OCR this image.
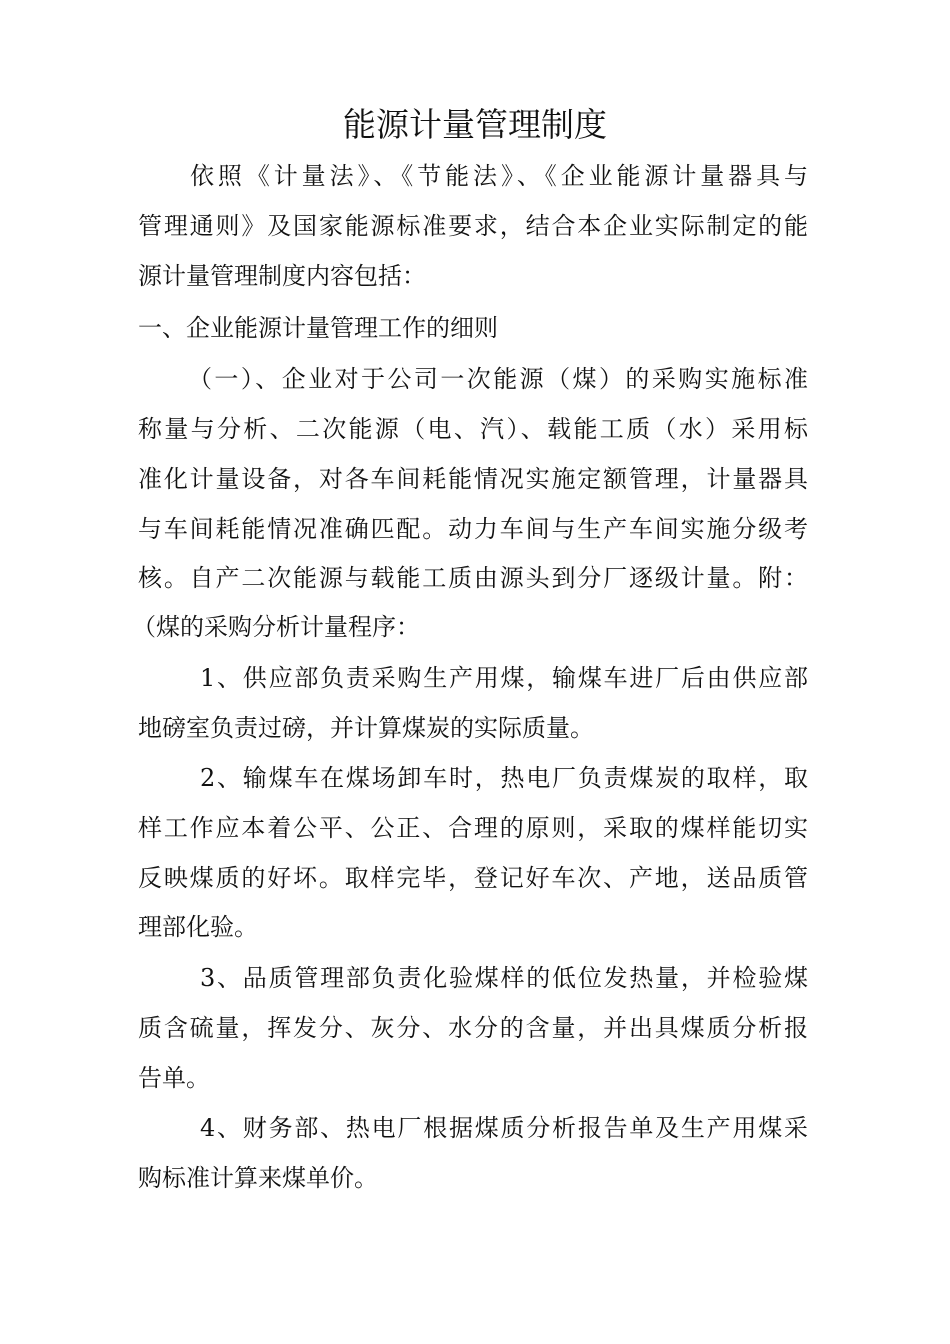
能源计量管理制度
依照《计量法》、《节能法》、《企业能源计量器具与
管理通则》及国家能源标准要求，结合本企业实际制定的能
源计量管理制度内容包括：
一、企业能源计量管理工作的细则
（一）、企业对于公司一次能源（煤）的采购实施标准
称量与分析、二次能源（电、汽）、载能工质（水）采用标
准化计量设备，对各车间耗能情况实施定额管理，计量器具
与车间耗能情况准确匹配。动力车间与生产车间实施分级考
核。自产二次能源与载能工质由源头到分厂逐级计量。附：
（煤的采购分析计量程序：
1、供应部负责采购生产用煤，输煤车进厂后由供应部
地磅室负责过磅，并计算煤炭的实际质量。
2、输煤车在煤场卸车时，热电厂负责煤炭的取样，取
样工作应本着公平、公正、合理的原则，采取的煤样能切实
反映煤质的好坏。取样完毕，登记好车次、产地，送品质管
理部化验。
3、品质管理部负责化验煤样的低位发热量，并检验煤
质含硫量，挥发分、灰分、水分的含量，并出具煤质分析报
告单。
4、财务部、热电厂根据煤质分析报告单及生产用煤采
购标准计算来煤单价。
